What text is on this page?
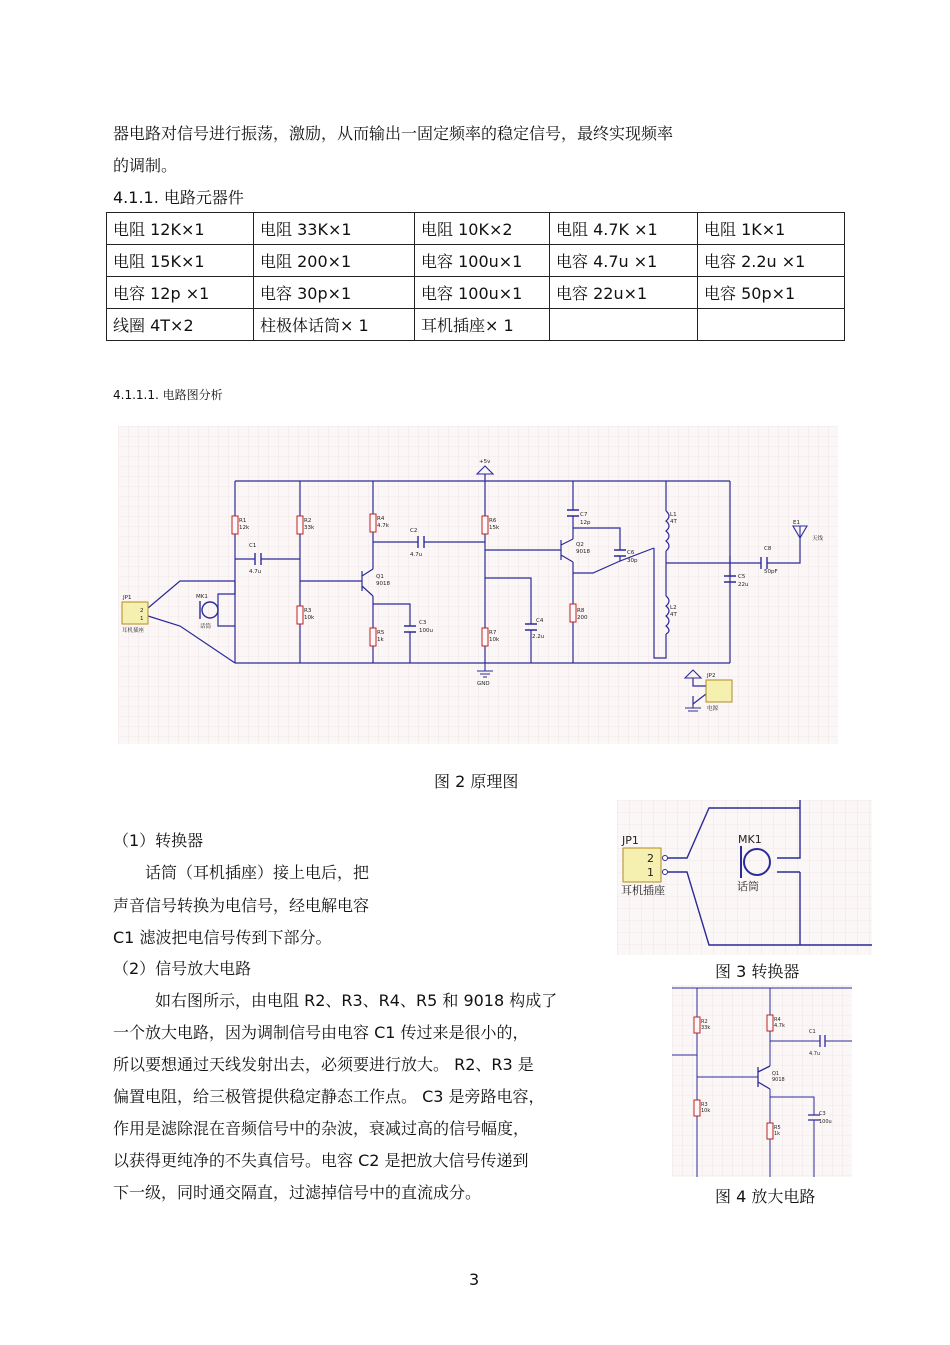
器电路对信号进行振荡，激励，从而输出一固定频率的稳定信号，最终实现频率
的调制。
4.1.1. 电路元器件
电阻 12K×1	电阻 33K×1	电阻 10K×2	电阻 4.7K ×1	电阻 1K×1
电阻 15K×1	电阻 200×1	电容 100u×1	电容 4.7u ×1	电容 2.2u ×1
电容 12p ×1	电容 30p×1	电容 100u×1	电容 22u×1	电容 50p×1
线圈 4T×2	柱极体话筒× 1	耳机插座× 1		
4.1.1.1. 电路图分析
+5v
GND
JP1
耳机插座
2
1
MK1
话筒
C1
4.7u
R1
12k
R2
33k
R3
10k
R4
4.7k
R5
1k
Q1
9018
C3
100u
C2
4.7u
R6
15k
R7
10k
C4
2.2u
C7
12p
Q2
9018	C6
30p
R8
200
L1
4T
L2
4T
C5
22u
C8
50pF
E1
天线
JP2
电源
图 2 原理图
JP1
2
1
耳机插座
MK1
话筒
（1）转换器
话筒（耳机插座）接上电后，把
声音信号转换为电信号，经电解电容
C1 滤波把电信号传到下部分。
（2）信号放大电路	图 3 转换器
R2
33k
R3
10k
R4
4.7k
R5
1k
Q1
9018
C3
100u
C1
4.7u
如右图所示，由电阻 R2、R3、R4、R5 和 9018 构成了
一个放大电路，因为调制信号由电容 C1 传过来是很小的，
所以要想通过天线发射出去，必须要进行放大。 R2、R3 是
偏置电阻，给三极管提供稳定静态工作点。 C3 是旁路电容，
作用是滤除混在音频信号中的杂波，衰减过高的信号幅度，
以获得更纯净的不失真信号。电容 C2 是把放大信号传递到
下一级，同时通交隔直，过滤掉信号中的直流成分。	图 4 放大电路
3
